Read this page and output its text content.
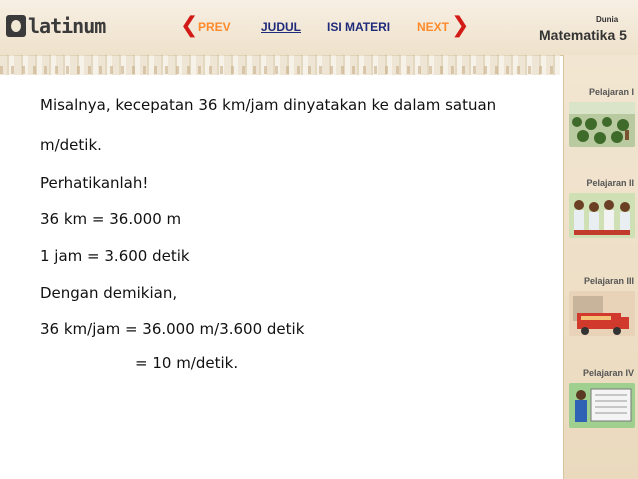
latinum	❮ PREV	JUDUL ISI MATERI NEXT ❯	Dunia
Matematika 5
Misalnya, kecepatan 36 km/jam dinyatakan ke dalam satuan
m/detik.
Perhatikanlah!
36 km = 36.000 m
1 jam = 3.600 detik
Dengan demikian,
36 km/jam = 36.000 m/3.600 detik
= 10 m/detik.
Pelajaran I
Pelajaran II
Pelajaran III
Pelajaran IV
